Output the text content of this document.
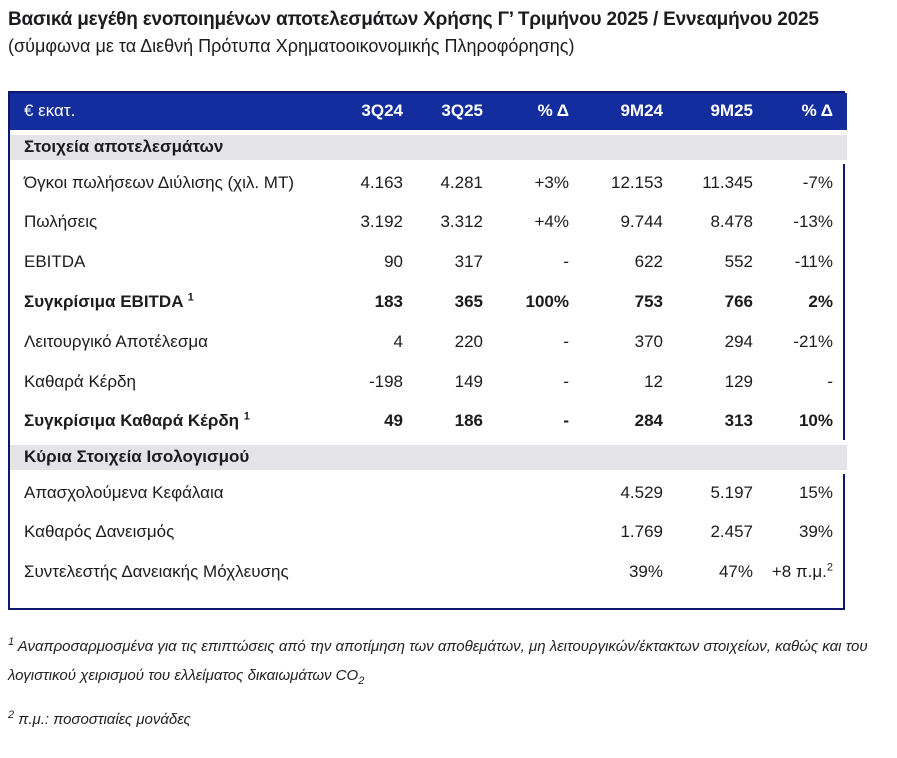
Βασικά μεγέθη ενοποιημένων αποτελεσμάτων Χρήσης Γ’ Τριμήνου 2025 / Εννεαμήνου 2025

(σύμφωνα με τα Διεθνή Πρότυπα Χρηματοοικονομικής Πληροφόρησης)

€ εκατ.	3Q24	3Q25	% Δ	9M24	9M25	% Δ
Στοιχεία αποτελεσμάτων						
Όγκοι πωλήσεων Διύλισης (χιλ. ΜΤ)	4.163	4.281	+3%	12.153	11.345	-7%
Πωλήσεις	3.192	3.312	+4%	9.744	8.478	-13%
EBITDA	90	317	-	622	552	-11%
Συγκρίσιμα EBITDA $^1$	183	365	100%	753	766	2%
Λειτουργικό Αποτέλεσμα	4	220	-	370	294	-21%
Καθαρά Κέρδη	-198	149	-	12	129	-
Συγκρίσιμα Καθαρά Κέρδη $^1$	49	186	-	284	313	10%
Κύρια Στοιχεία Ισολογισμού						
Απασχολούμενα Κεφάλαια				4.529	5.197	15%
Καθαρός Δανεισμός				1.769	2.457	39%
Συντελεστής Δανειακής Μόχλευσης				39%	47%	+8 π.μ.$^2$

$^1$ Αναπροσαρμοσμένα για τις επιπτώσεις από την αποτίμηση των αποθεμάτων, μη λειτουργικών/έκτακτων στοιχείων, καθώς και του λογιστικού χειρισμού του ελλείματος δικαιωμάτων $CO_2$

$^2$ π.μ.: ποσοστιαίες μονάδες
